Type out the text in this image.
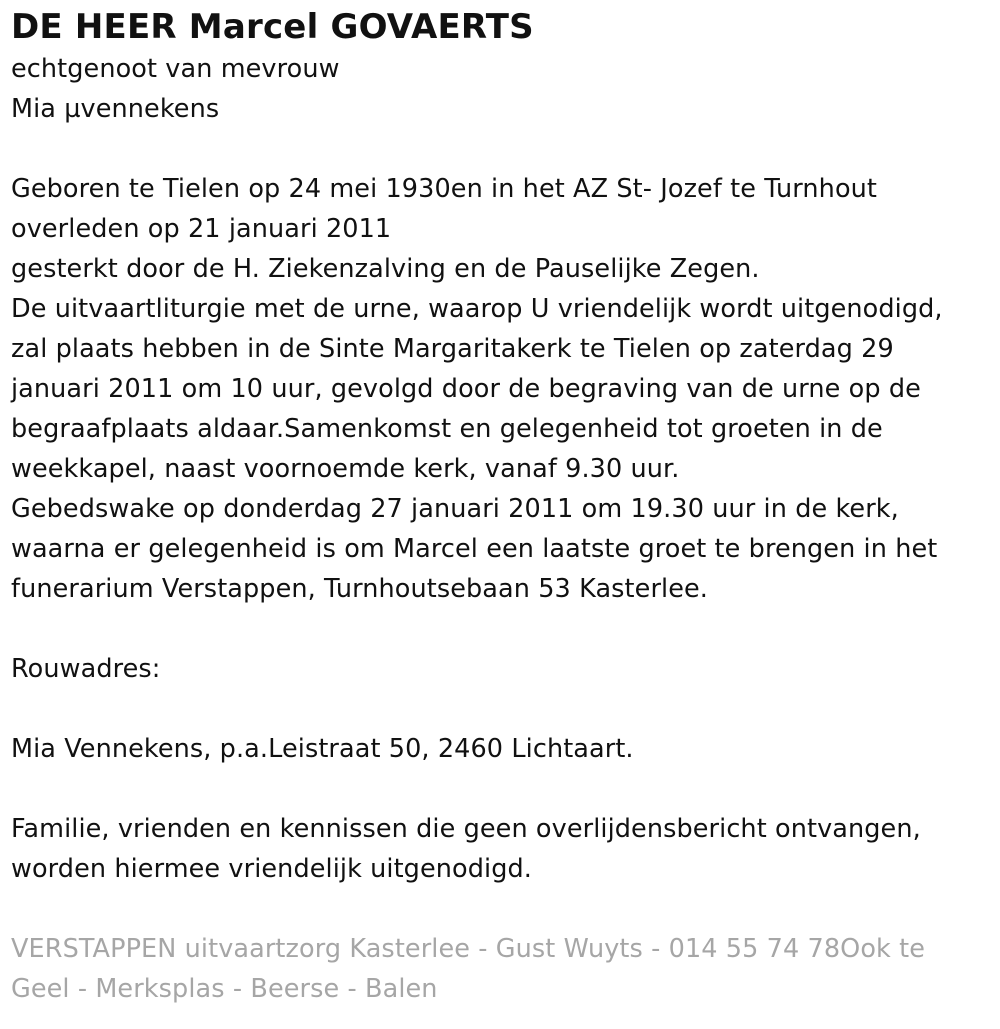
DE HEER Marcel GOVAERTS
echtgenoot van mevrouw
Mia µvennekens
Geboren te Tielen op 24 mei 1930en in het AZ St- Jozef te Turnhout
overleden op 21 januari 2011
gesterkt door de H. Ziekenzalving en de Pauselijke Zegen.
De uitvaartliturgie met de urne, waarop U vriendelijk wordt uitgenodigd,
zal plaats hebben in de Sinte Margaritakerk te Tielen op zaterdag 29
januari 2011 om 10 uur, gevolgd door de begraving van de urne op de
begraafplaats aldaar.Samenkomst en gelegenheid tot groeten in de
weekkapel, naast voornoemde kerk, vanaf 9.30 uur.
Gebedswake op donderdag 27 januari 2011 om 19.30 uur in de kerk,
waarna er gelegenheid is om Marcel een laatste groet te brengen in het
funerarium Verstappen, Turnhoutsebaan 53 Kasterlee.
Rouwadres:
Mia Vennekens, p.a.Leistraat 50, 2460 Lichtaart.
Familie, vrienden en kennissen die geen overlijdensbericht ontvangen,
worden hiermee vriendelijk uitgenodigd.
VERSTAPPEN uitvaartzorg Kasterlee - Gust Wuyts - 014 55 74 78Ook te
Geel - Merksplas - Beerse - Balen
